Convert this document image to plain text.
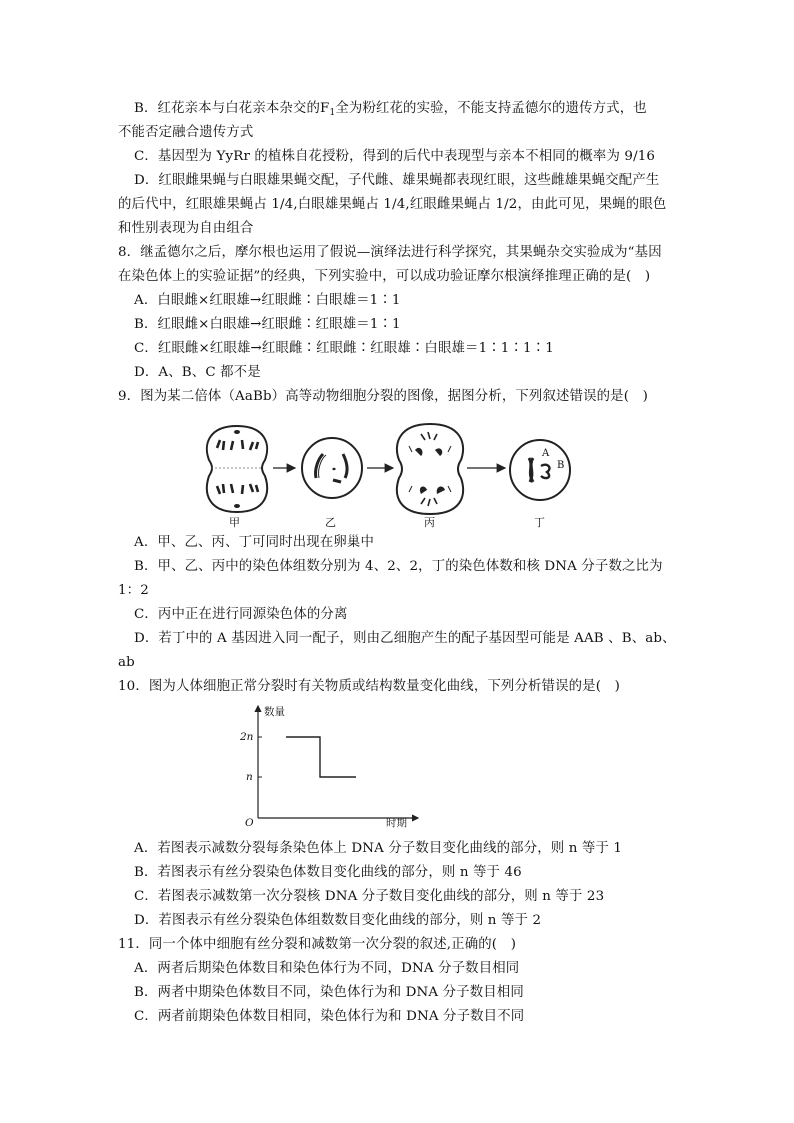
B．红花亲本与白花亲本杂交的$F_1$全为粉红花的实验，不能支持孟德尔的遗传方式，也
不能否定融合遗传方式
C．基因型为 YyRr 的植株自花授粉，得到的后代中表现型与亲本不相同的概率为 9/16
D．红眼雌果蝇与白眼雄果蝇交配，子代雌、雄果蝇都表现红眼，这些雌雄果蝇交配产生
的后代中，红眼雄果蝇占 1/4,白眼雄果蝇占 1/4,红眼雌果蝇占 1/2，由此可见，果蝇的眼色
和性别表现为自由组合
8．继孟德尔之后，摩尔根也运用了假说—演绎法进行科学探究，其果蝇杂交实验成为“基因
在染色体上的实验证据”的经典，下列实验中，可以成功验证摩尔根演绎推理正确的是(　)
A．白眼雌×红眼雄→红眼雌∶白眼雄＝1∶1
B．红眼雌×白眼雄→红眼雌∶红眼雄＝1∶1
C．红眼雌×红眼雄→红眼雌∶红眼雌∶红眼雄∶白眼雄＝1∶1∶1∶1
D．A、B、C 都不是
9．图为某二倍体（AaBb）高等动物细胞分裂的图像，据图分析，下列叙述错误的是(　)
A
B
甲	乙	丙	丁
A．甲、乙、丙、丁可同时出现在卵巢中
B．甲、乙、丙中的染色体组数分别为 4、2、2，丁的染色体数和核 DNA 分子数之比为
1：2
C．丙中正在进行同源染色体的分离
D．若丁中的 A 基因进入同一配子，则由乙细胞产生的配子基因型可能是 AAB 、B、ab、
ab
10．图为人体细胞正常分裂时有关物质或结构数量变化曲线，下列分析错误的是(　)
数量
时期
O
2n
n
A．若图表示减数分裂每条染色体上 DNA 分子数目变化曲线的部分，则 n 等于 1
B．若图表示有丝分裂染色体数目变化曲线的部分，则 n 等于 46
C．若图表示减数第一次分裂核 DNA 分子数目变化曲线的部分，则 n 等于 23
D．若图表示有丝分裂染色体组数数目变化曲线的部分，则 n 等于 2
11．同一个体中细胞有丝分裂和减数第一次分裂的叙述,正确的(　)
A．两者后期染色体数目和染色体行为不同，DNA 分子数目相同
B．两者中期染色体数目不同，染色体行为和 DNA 分子数目相同
C．两者前期染色体数目相同，染色体行为和 DNA 分子数目不同
